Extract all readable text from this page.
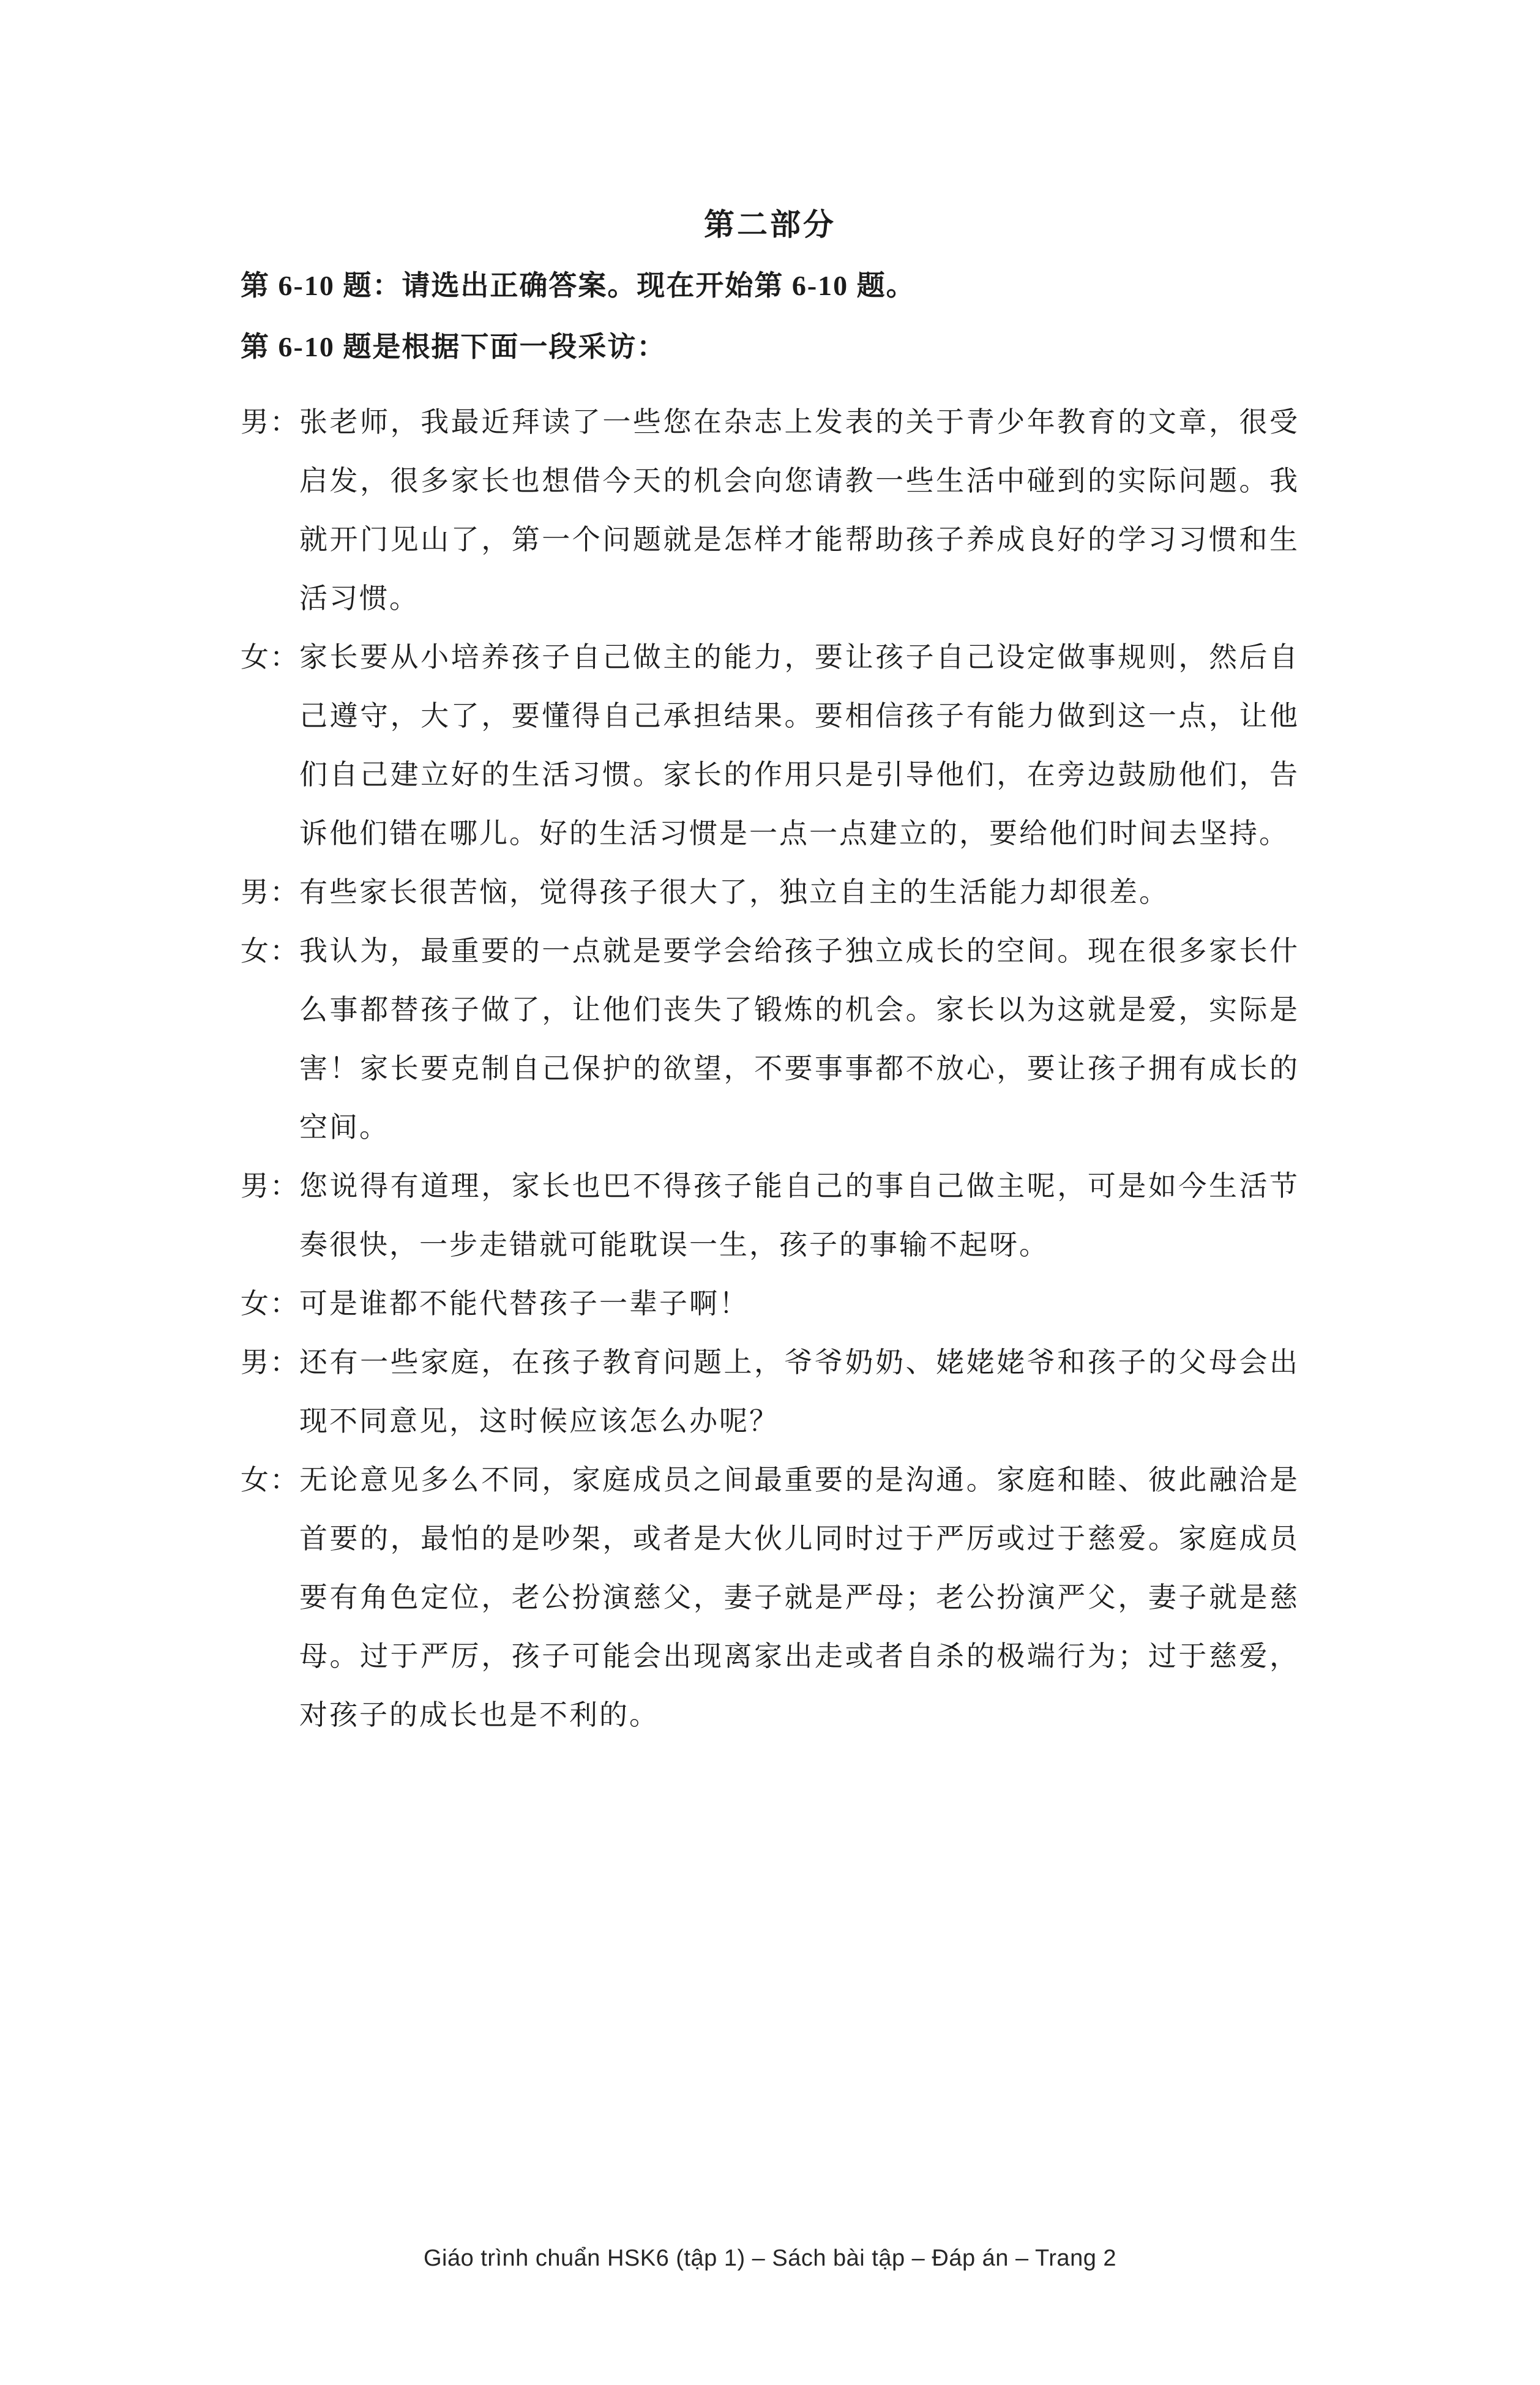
第二部分
第 6-10 题：请选出正确答案。现在开始第 6-10 题。
第 6-10 题是根据下面一段采访：
男： 张老师，我最近拜读了一些您在杂志上发表的关于青少年教育的文章，很受启发，很多家长也想借今天的机会向您请教一些生活中碰到的实际问题。我就开门见山了，第一个问题就是怎样才能帮助孩子养成良好的学习习惯和生活习惯。
女： 家长要从小培养孩子自己做主的能力，要让孩子自己设定做事规则，然后自己遵守，大了，要懂得自己承担结果。要相信孩子有能力做到这一点，让他们自己建立好的生活习惯。家长的作用只是引导他们，在旁边鼓励他们，告诉他们错在哪儿。好的生活习惯是一点一点建立的，要给他们时间去坚持。
男： 有些家长很苦恼，觉得孩子很大了，独立自主的生活能力却很差。
女： 我认为，最重要的一点就是要学会给孩子独立成长的空间。现在很多家长什么事都替孩子做了，让他们丧失了锻炼的机会。家长以为这就是爱，实际是害！家长要克制自己保护的欲望，不要事事都不放心，要让孩子拥有成长的空间。
男： 您说得有道理，家长也巴不得孩子能自己的事自己做主呢，可是如今生活节奏很快，一步走错就可能耽误一生，孩子的事输不起呀。
女： 可是谁都不能代替孩子一辈子啊！
男： 还有一些家庭，在孩子教育问题上，爷爷奶奶、姥姥姥爷和孩子的父母会出现不同意见，这时候应该怎么办呢？
女： 无论意见多么不同，家庭成员之间最重要的是沟通。家庭和睦、彼此融洽是首要的，最怕的是吵架，或者是大伙儿同时过于严厉或过于慈爱。家庭成员要有角色定位，老公扮演慈父，妻子就是严母；老公扮演严父，妻子就是慈母。过于严厉，孩子可能会出现离家出走或者自杀的极端行为；过于慈爱，对孩子的成长也是不利的。
Giáo trình chuẩn HSK6 (tập 1) – Sách bài tập – Đáp án – Trang 2
